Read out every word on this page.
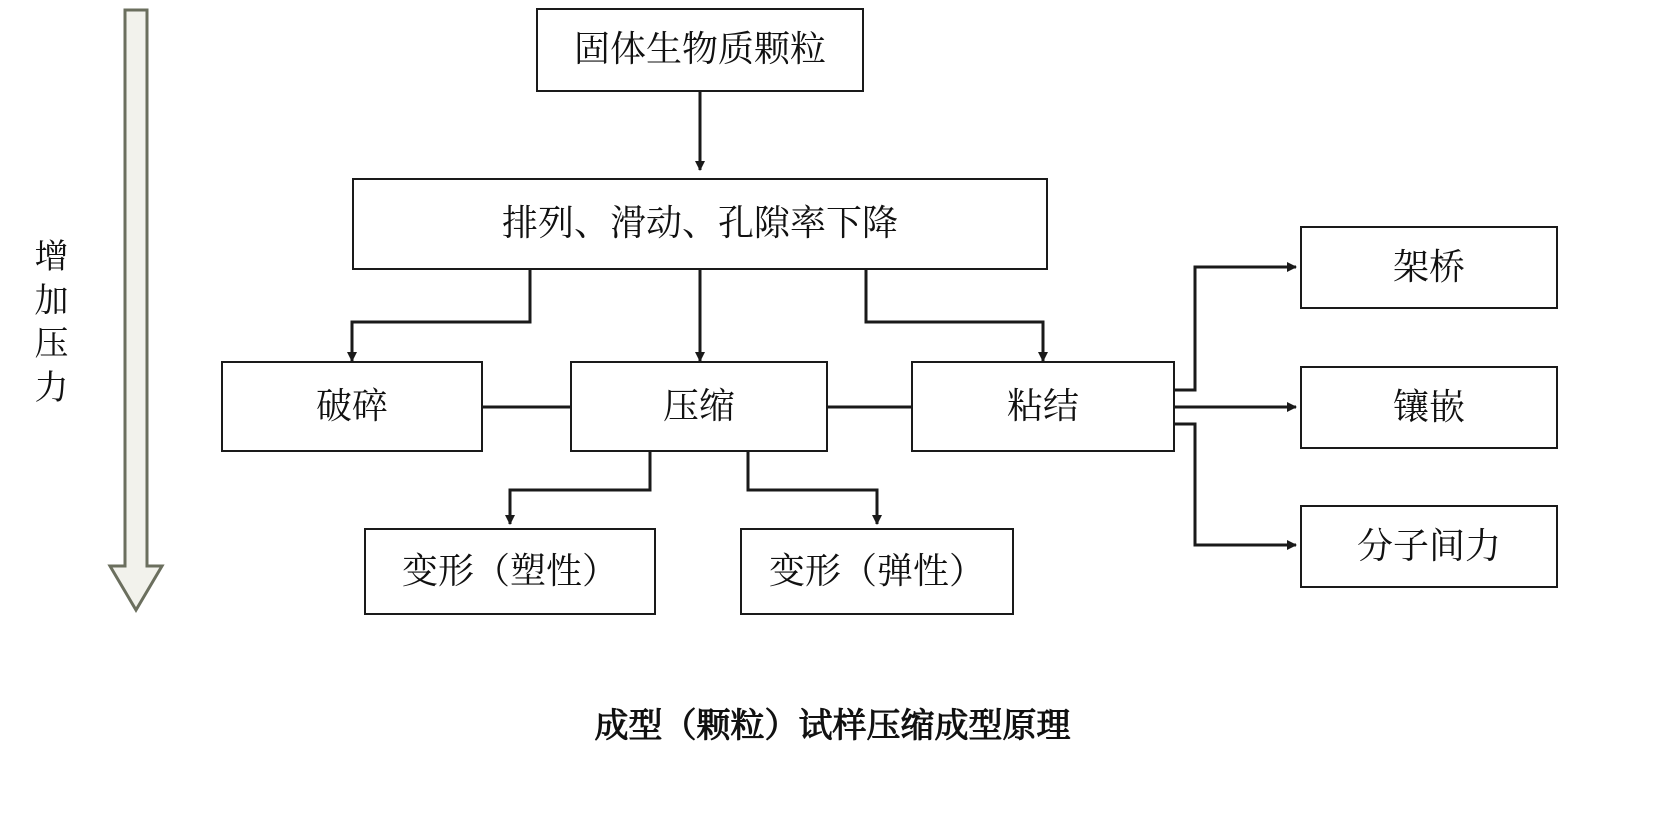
增加压力
固体生物质颗粒
排列、滑动、孔隙率下降
破碎	压缩	粘结
变形（塑性）	变形（弹性）
架桥
镶嵌
分子间力
成型（颗粒）试样压缩成型原理
